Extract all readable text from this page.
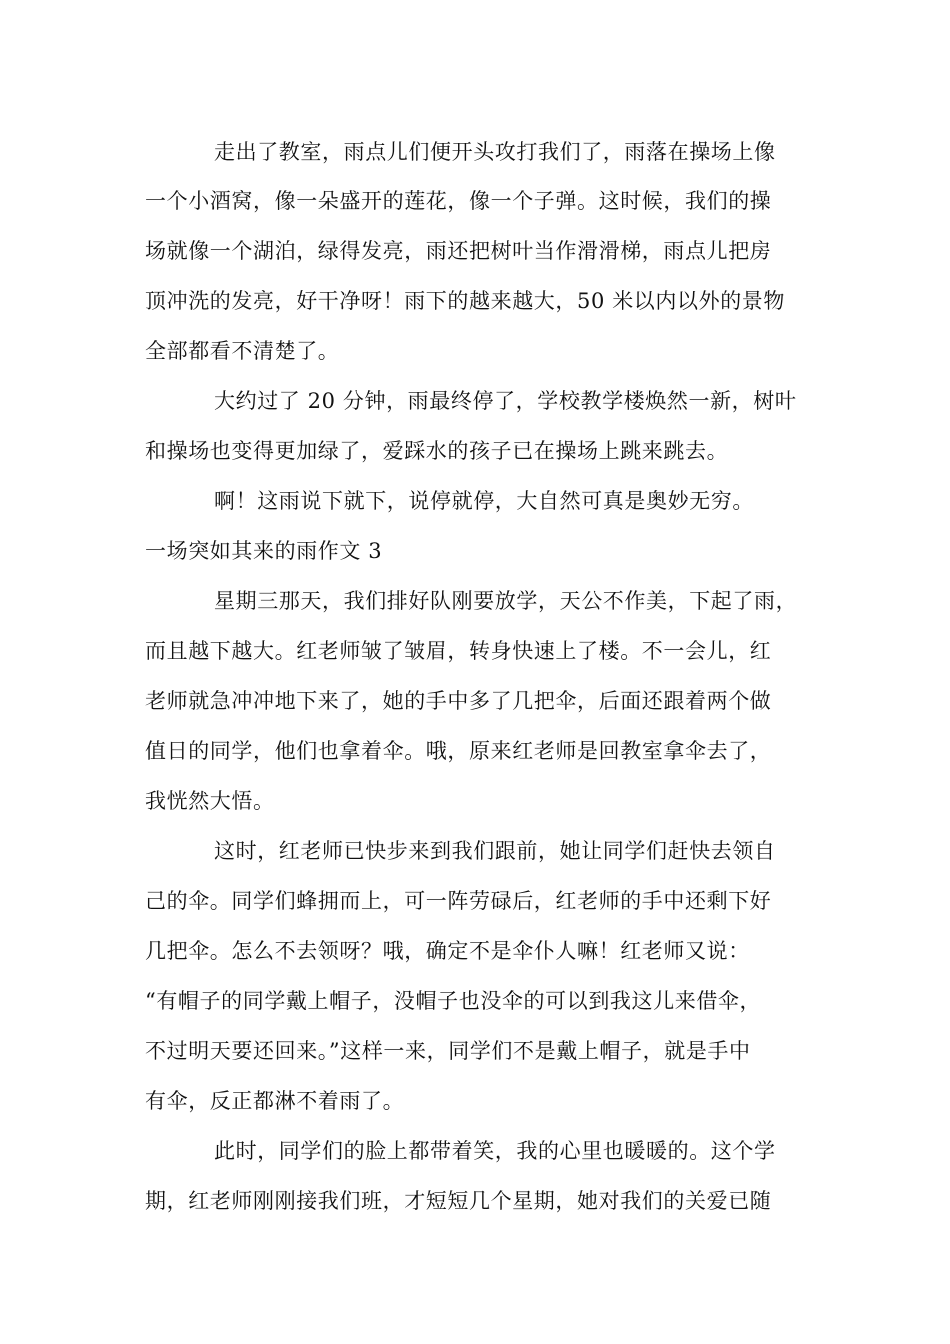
走出了教室，雨点儿们便开头攻打我们了，雨落在操场上像
一个小酒窝，像一朵盛开的莲花，像一个子弹。这时候，我们的操
场就像一个湖泊，绿得发亮，雨还把树叶当作滑滑梯，雨点儿把房
顶冲洗的发亮，好干净呀！雨下的越来越大，50 米以内以外的景物
全部都看不清楚了。
大约过了 20 分钟，雨最终停了，学校教学楼焕然一新，树叶
和操场也变得更加绿了，爱踩水的孩子已在操场上跳来跳去。
啊！这雨说下就下，说停就停，大自然可真是奥妙无穷。
一场突如其来的雨作文 3
星期三那天，我们排好队刚要放学，天公不作美，下起了雨，
而且越下越大。红老师皱了皱眉，转身快速上了楼。不一会儿，红
老师就急冲冲地下来了，她的手中多了几把伞，后面还跟着两个做
值日的同学，他们也拿着伞。哦，原来红老师是回教室拿伞去了，
我恍然大悟。
这时，红老师已快步来到我们跟前，她让同学们赶快去领自
己的伞。同学们蜂拥而上，可一阵劳碌后，红老师的手中还剩下好
几把伞。怎么不去领呀？哦，确定不是伞仆人嘛！红老师又说：
“有帽子的同学戴上帽子，没帽子也没伞的可以到我这儿来借伞，
不过明天要还回来。”这样一来，同学们不是戴上帽子，就是手中
有伞，反正都淋不着雨了。
此时，同学们的脸上都带着笑，我的心里也暖暖的。这个学
期，红老师刚刚接我们班，才短短几个星期，她对我们的关爱已随
